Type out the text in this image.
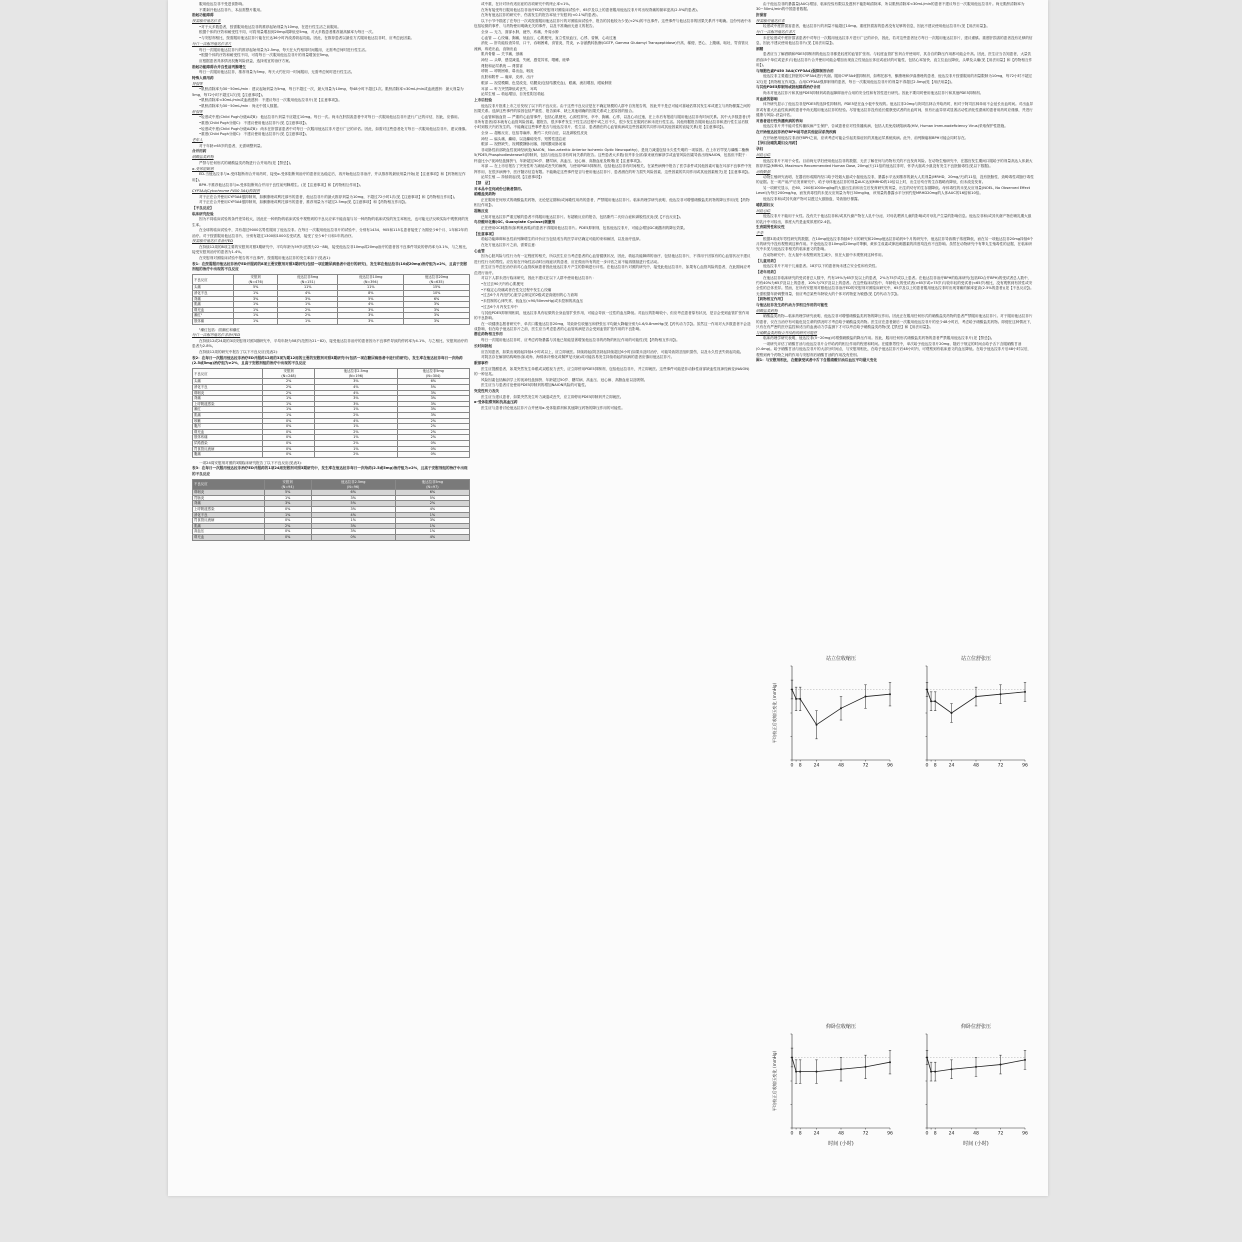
服用他达拉非不受进食影响。

不要剥开他达拉非片，本品需整片服用。

勃起功能障碍

按需服用他达拉非

•对于大多数患者，按需服用他达拉非的推荐起始剂量为10mg，在进行性生活之前服用。

根据个体的疗效和耐受性不同，可将剂量增加到20mg或降低至5mg，对大多数患者推荐最高频率为每日一次。

•与安慰剂相比，按需服用他达拉非片能在长达36小时内改善勃起功能。因此，在推荐患者以最佳方式服用他达拉非时，应考虑此因素。

每日一次服用他达拉非片

每日一次服用他达拉非片的推荐起始剂量为2.5mg，每天在大约相同时间服用，无需考虑何时进行性生活。

•根据个体的疗效和耐受性不同，可将每日一次服用他达拉非片的剂量增加至5mg。

应根据患者具体情况权衡风险获益，选择适宜的治疗方案。

勃起功能障碍合并良性前列腺增生

每日一次服用他达拉非，推荐剂量为5mg，每天大约在同一时间服用，无需考虑何时进行性生活。

特殊人群用药

肾损害

•肌酐清除率为30~50mL/min：建议起始剂量为5mg，每日不超过一次，最大剂量为10mg，每48小时不超过1次。肌酐清除率<30mL/min或血液透析：最大剂量为5mg，每72小时不超过1次(见【注意事项】)。

•肌酐清除率<30mL/min或血液透析：不建议每日一次服用他达拉非片(见【注意事项】)。

•肌酐清除率为30~50mL/min：尚无中国人数据。

肝损害

•轻度或中度(Child Pugh分级A或B)：他达拉非片剂量不应超过10mg。每日一次。尚未在肝损害患者中对每日一次服用他达拉非片进行广泛的评估，因此，应慎用。

•重度(Child Pugh分级C)：不建议使用他达拉非片(见【注意事项】)。

•轻度或中度(Child Pugh分级A或B)：尚未在肝损害患者中对每日一次服用他达拉非片进行广泛的评估。因此，如需对这些患者处方每日一次服用他达拉非片，建议谨慎。

•重度(Child Pugh分级C)：不建议使用他达拉非片(见【注意事项】)。

老年人

对于年龄>65岁的患者，无需调整剂量。

合并用药

硝酸盐类药物

严禁与任何形式的硝酸盐类药物进行合并用药(见【禁忌】)。

α-受体阻断剂

ED-当他达拉非与α-受体阻断剂合并用药时，接受α-受体阻断剂治疗的患者应达稳定后，再开始他达拉非治疗，并从推荐的最低剂量开始(见【注意事项】和【药物相互作用】)。

BPH-不推荐他达拉非与α-受体阻断剂合并用于良性前列腺增生。(见【注意事项】和【药物相互作用】)。

CYP3A4(Cytochrome P450 3A4)抑制剂

对于正在合并使用CYP3A4强抑制剂，如酮康唑或利托那韦的患者，他达拉非片的最大推荐剂量为10mg，不超过72小时1次(见【注意事项】和【药物相互作用】)。

对于正在合并使用CYP3A4强抑制剂，如酮康唑或利托那韦的患者，推荐剂量为不超过2.5mg(见【注意事项】和【药物相互作用】)。

【不良反应】

临床研究经验

因为不同临床试验的条件差异较大，因此在一种药物的临床试验中观察到的不良反应率不能直接与另一种药物的临床试验的发生率相比，也可能无法反映实际中观察到的发生率。

在全球的临床试验中，共有超过9000名男性服用了他达拉非。在每日一次服用他达拉非片的试验中，分别有1434、905和115名患者接受了为期至少6个月、1年和2年的治疗。对于按需服用他达拉非片，分别有超过1300和1000名受试者，接受了至少6个月和1年的治疗。

按需服用他达拉非治疗ED

在持续12周的8项主要的安慰剂对照3期研究中，平均年龄为59岁(范围为22~88)，接受他达拉非10mg或20mg治疗的患者因不良事件导致的停药率为3.1%，与之相比，接受安慰剂治疗的患者为1.4%。

在安慰剂对照临床试验中报告的不良事件，按需服用他达拉非的发生率如下(见表1)：

表1：在按需服用他达拉非治疗ED并服药的8项主要安慰剂对照3期研究(包括一项在糖尿病患者中进行的研究)，发生率在他达拉非(10或20mg)治疗组为≥2%，且高于安慰剂组的治疗中出现的不良反应

不良反应	安慰剂
(N=476)	他达拉非5mg
(N=151)	他达拉非10mg
(N=394)	他达拉非20mg
(N=635)
头痛	5%	11%	11%	15%
消化不良	1%	4%	8%	10%
背痛	3%	3%	5%	6%
肌痛	1%	1%	4%	3%
鼻充血	1%	2%	3%	3%
潮红¹	1%	2%	3%	3%
肢体痛	1%	1%	3%	3%

¹潮红包括：面潮红和潮红

每日一次服用他达拉非治疗ED

在持续12或24周的3项安慰剂对照3期研究中，平均年龄为58岁(范围为21~82)，接受他达拉非治疗的患者因为不良事件导致的停药率为4.1%，与之相比，安慰剂治疗的患者为2.8%。

在持续12周的研究中报告了以下不良反应(见表2)：

表2：在每日一次服用他达拉非治疗ED并服药12周的3项为期12周的主要的安慰剂对照3期研究中(包括一项在糖尿病患者中进行的研究)，发生率在他达拉非每日一次给药(2.5或5mg)治疗组为≥2%，且高于安慰剂组的治疗中出现的不良反应

不良反应	安慰剂
(N=248)	他达拉非2.5mg
(N=196)	他达拉非5mg
(N=304)
头痛	2%	3%	6%
消化不良	2%	4%	5%
鼻咽炎	2%	4%	3%
背痛	1%	3%	3%
上呼吸道感染	1%	3%	3%
潮红	1%	1%	3%
肌痛	1%	2%	3%
咳嗽	0%	4%	2%
腹泻	0%	1%	2%
鼻充血	0%	2%	2%
肢体疼痛	0%	1%	2%
尿路感染	0%	2%	0%
胃食管反流病	0%	1%	0%
腹痛	0%	2%	0%

一项24周安慰剂对照的3期临床研究报告了以下不良反应(见表3)：

表3：在每日一次服用他达拉非治疗ED并服药的1项24周安慰剂对照3期研究中，发生率在他达拉非每日一次给药(2.5或5mg)治疗组为≥2%，且高于安慰剂组的治疗中出现的不良反应

不良反应	安慰剂
(N=94)	他达拉非2.5mg
(N=96)	他达拉非5mg
(N=97)
鼻咽炎	5%	6%	6%
胃肠炎	1%	3%	5%
背痛	3%	5%	2%
上呼吸道感染	0%	3%	4%
消化不良	1%	4%	1%
胃食管反流病	0%	1%	3%
肌痛	2%	3%	1%
高血压	0%	3%	1%
鼻充血	0%	0%	4%

或中重，在针对所有适应症的各项研究中的终止率<1%。

在所有接受每日服用他达拉非治疗ED的安慰剂对照临床试验中，65岁及以上的患者服用他达拉非片时出现背痛的频率更高(2.5%的患者)。

在所有他达拉非的研究中，伤害发生的报告率低于安慰剂(<0.1%的患者)。

以下小节中描述了在每日一次或按需服用他达拉非片的对照临床试验中，报告的其他较为少见(<2%)的不良事件。这些事件与他达拉非的因果关系并不明确。这份列表中未包括轻微的事件、与药物使用明确无关的事件，以及不准确而无意义的报告。

全身 — 无力，面部水肿，疲劳，疼痛，外周水肿

心血管 — 心绞痛，胸痛，低血压，心肌梗死，直立性低血压，心悸，昏厥，心动过速

消化 — 肝功能检查异常，口干，吞咽困难，食管炎，胃炎，γ-谷氨酰转肽酶(GGTP, Gamma Glutamyl Transpeptidase)升高，稀便，恶心，上腹痛，呕吐，胃食管反流病，痔疮出血，直肠出血

肌肉骨骼 — 关节痛，颈痛

神经 — 头晕，感觉减退，失眠，感觉异常，嗜睡，眩晕

肾脏和泌尿系统 — 肾损害

呼吸 — 呼吸困难，鼻出血，咽炎

皮肤和附件 — 瘙痒，皮疹，出汗

眼部 — 视觉模糊，色觉改变，结膜炎(包括结膜充血)，眼痛，流泪增加，眼睑肿胀

耳部 — 听力突然降低或丧失，耳鸣

泌尿生殖 — 勃起增加，自发性阴茎勃起

上市后经验

他达拉非片批准上市之后发现了以下的不良反应。由于这些不良反应是在不确定规模的人群中自发报告的，因此并不是总可能可靠地估算其发生率或建立与药物暴露之间的因果关系。选择这些事件的原因包括严重性、报告频率、缺乏其他明确的因果关系或上述原因的组合。

心血管和脑血管 — 严重的心血管事件，包括心肌梗死、心源性猝死、卒中、胸痛、心悸，以及心动过速，在上市后有报道与服用他达拉非有时间关系。其中大多数患者(并非所有患者)原本就有心血管风险因素。据报告，很多事件发生于性生活过程中或之后不久，很少发生在服药后和未进行性生活。其他则据报告服用他达拉非和进行性生活后数小时到数天内后发生的。不能确定这些事件是否与他达拉非片、性生活、患者潜在的心血管疾病或这些因素的共同作用或其他因素的直接关系(见【注意事项】)。

全身 — 超敏反应，包括荨麻疹、斯约二氏综合征，以及剥脱性皮炎

神经 — 偏头痛，癫痫，以及癫痫发作，短暂性遗忘症

眼部 — 视野缺失，视网膜静脉闭塞，视网膜动脉闭塞

非动脉性前部缺血性视神经病变(NAION，Non-arteritic Anterior Ischemic Optic Neuropathy)，是视力减退包括永久性失明的一项原因。在上市后罕见与磷酸二酯酶5(PDE5,Phosphodiesterase5)抑制剂，包括与他达拉非有时间关系的报告。这些患者大多数(但并非全部)原来就有解剖学或血管风险因素导致出现NAION，包括但不限于：杯盘比小("视神经盘拥挤")、年龄超过50岁、糖尿病、高血压、冠心病、高脂血症及吸烟(见【注意事项】)。

耳部 — 在上市后报告了突发性听力减低或丧失的病例，与使用PDE5抑制剂，包括他达拉非有时间相关。在某些病例中报告了医学条件或其他因素可能在耳部不良事件中发挥作用，在很多病例中，医疗随访信息有限。不能确定这些事件是否与使用他达拉非片、患者潜在的听力损失风险因素、这些因素的共同作用或其他因素相关(见【注意事项】)。

泌尿生殖 — 持续勃起(见【注意事项】)

【禁　忌】

对本品中任何成份过敏者禁用。

硝酸盐类药物

正在服用任何形式的硝酸盐类药物，无论是定期和/或间歇性用药的患者，严禁服用他达拉非片。临床药理学研究表明，他达拉非可增强硝酸盐类药物的降压作用(见【药物相互作用】)。

超敏反应

已知对他达拉非严重过敏的患者不得服用他达拉非片。有超敏反应的报告，包括斯约二氏综合症和剥脱性皮炎(见【不良反应】)。

鸟苷酸环化酶(GC, Guanylate Cyclase)刺激剂

正在使用GC刺激剂(如利奥西呱)的患者不得服用他达拉非片。PDE5抑制剂，包括他达拉非片，可能会增加GC刺激剂的降压效果。

【注意事项】

勃起功能障碍和良性前列腺增生的评价应当包括适当的医学评估确定可能的来和病因，以及治疗选择。

在处方他达拉非片之前，需要注意：

心血管

因为心脏风险与性行为有一定程度的相关，所以医生应当考虑患者的心血管健康状况，因此，勃起功能障碍的治疗，包括他达拉非片，不得用于因原有的心血管状况不建议进行性行为的男性。应告知在开始性活动时出现症状的患者，应在做出所有的进一步评估之前不能再继续进行性活动。

医生应当考虑在治疗前对心血管疾病患者因此他达拉非片产生的影响进行评估。在他达拉非片对照的研究中，接受此他达拉非片，如果有心血管风险的患者，在此期间应考虑进行治疗。

对以下人群未进行临床研究，因此不建议在以下人群中使用他达拉非片：

•在过去90天内有心肌梗死

•不稳定心绞痛或者在性交过程中发生心绞痛

•过去6个月内纽约心脏学会制定的2级或更高级别的心力衰竭

•未控制的心律失常、低血压(<90/50mmHg)或未控制的高血压

•过去6个月内发生卒中

与其他PDE5抑制剂相同，他达拉非具有轻微的全身血管扩张作用，可能会导致一过性的血压降低。对血压的影响较小，但应考虑患者原有状况，是否会受到血管扩张作用的不良影响。

在一项健康志愿者研究中，单次口服他达拉非20mg，导致卧位收缩压和舒张压平均最大降幅分别为1.6/0.8mmHg(见【药代动力学】)。虽然这一作用对大多数患者不会造成影响，但在给予他达拉非片之前，医生应当考虑患者的心血管疾病是否会受到血管扩张作用的不良影响。

潜在药物相互作用

每日一次服用他达拉非时，应考虑药物暴露与其他已知能显著增加他达拉非的药物的相互作用的可能性(见【药物相互作用】)。

长时间勃起

应告知患者，如果出现勃起持续4小时或以上，应立即就医。持续勃起(阴茎勃起持续超过6小时)如果未及时治疗，可能导致阴茎组织损伤，以及永久性丧失勃起功能。

对阴茎存在解剖结构畸形(如成角、海绵体纤维化或佩罗尼氏病)或可能容易发生持续勃起的疾病的患者应慎用他达拉非片。

眼部事件

医生应提醒患者，如果突然发生单眼或双眼视力丧失，应立即停用PDE5抑制剂，包括他达拉非片，并立即就医。这些事件可能是非动脉性前部缺血性视神经病变(NAION)的一种征兆。

风险因素包括解剖学上的视神经盘拥挤、年龄超过50岁、糖尿病、高血压、冠心病、高脂血症以及吸烟。

医生应当与患者讨论使用PDE5抑制剂的增加NAION风险的可能性。

突发性听力丧失

医生应当建议患者，如果突然发生听力减退或丧失，应立即停用PDE5抑制剂并立即就医。

α-受体阻滞剂和抗高血压药

医生应与患者讨论他达拉非片合并使用α-受体阻滞剂和其他降压药物的降压作用的可能性。

由于他达拉非的暴露量(AUC)增加、临床经验有限以及透析不能影响清除率，所以肌酐清除率<30mL/min的患者不建议每日一次服用他达拉非片。尚无肌酐清除率为30~50mL/min的中国患者数据。

肝损害

按需服用他达拉非

轻度或中度肝损害患者，他达拉非片的剂量不能超过10mg。重度肝损害的患者没有足够的信息，因此不建议使用他达拉非片(见【用法用量】)。

每日一次服用他达拉非片

未在轻度或中度肝损害患者中对每日一次服用他达拉非片进行广泛的评价，因此，若对这些患者处方每日一次服用他达拉非片，建议谨慎。重度肝损害的患者没有足够的信息，因此不建议使用他达拉非片(见【用法用量】)。

酒精

患者应当了解酒精和PDE5抑制剂的他达拉非都是轻度的血管扩张剂。与轻度血管扩张剂合并使用时，其各自的降压作用都可能会升高。因此，医生应当告知患者，大量饮酒(如5个单位或更多)与他达拉非片合并使用可能会增加出现直立性低血压体征或症状的可能性，包括心率加快，直立位血压降低，头晕及头痛(见【用法用量】和【药物相互作用】)。

与细胞色素P450 3A4(CYP3A4)强抑制剂合用

他达拉非主要通过肝脏的CYP3A4进行代谢。服用CYP3A4强抑制剂，如利托那韦，酮康唑和伊曲康唑的患者，他达拉非片按需服用的剂量限制为10mg，每72小时不超过1次(见【药物相互作用】)。合用CYP3A4强抑制剂的患者，每日一次服用他达拉非片的剂量不得超过2.5mg(见【用法用量】)。

与其他PDE5抑制剂或勃起障碍治疗合用

尚未对他达拉非片和其他PDE5抑制剂或勃起障碍治疗合用的安全性和有效性进行研究。因此不要同时使用他达拉非片和其他PDE5抑制剂。

对血液的影响

体外研究显示了他达拉非是PDE5的选择性抑制剂。PDE5是在血小板中发现的。他达拉非20mg与阿司匹林合并给药时，相对于阿司匹林单用不会延长出血时间。对出血异常或有重大出血性疾病的患者中尚无服用他达拉非的经验。尽管他达拉非没有延长健康受试者的出血时间，但有出血异常或显著活动性消化性溃疡的患者用药时应谨慎，并进行健康与风险–获益评估。

对患者进行性传播疾病的咨询

他达拉非片并不能对性传播疾病产生保护，告诫患者应对性传播疾病，包括人类免疫缺陷病毒(HIV, Human Immunodeficiency Virus)采取保护性措施。

在开始他达拉非治疗BPH前考虑其他泌尿系统疾病

在开始使用他达拉非治疗BPH之前，应该考虑可能会引起类似症状的其他泌尿系统疾病。此外，前列腺癌和BPH可能会同时存在。

【孕妇及哺乳期妇女用药】

孕妇

风险总结

他达拉非片不用于女性。目前尚无孕妇使用他达拉非的数据，无法了解任何与药物有关的不良发育风险。在动物生殖研究中，在器官发生期间口服给予的剂量高达人体最大推荐剂量(MRHD, Maximum Recommended Human Dose, 20mg/天)11倍的他达拉非时，怀孕大鼠或小鼠没有发生不良胚胎毒性(见以下数据)。

动物数据

动物生殖研究表明，在器官形成期内经口给予妊娠大鼠或小鼠他达拉非，暴露水平达到推荐的最大人类剂量(MRHD，20mg/天)的11倍，没有胚胎性、致畸毒性或胎仔毒性的证据。在一项产前/产后发育研究中，给予母体他达拉非的剂量AUC达到MRHD的10倍以上时，出生后幼仔的生存数略有降低，但未改变发育。

另一项研究显示，在60、200和1000mg/kg的大鼠出生前和出生后发育研究的剂量，出生的幼仔的生存期降低。母体毒性的未见反应剂量(NOEL, No Observed Effect Level)为每日200mg/kg，而发育毒性的未见反应剂量为每日30mg/kg，该剂量的暴露水平分别约是MRHD20mg的人体AUC的16倍和10倍。

他达拉非和/或其代谢产物可以透过大鼠胎盘，导致胎仔暴露。

哺乳期妇女

风险总结

他达拉非片不能用于女性。没有关于他达拉非和/或其代谢产物在人乳中分泌、对母乳喂养儿童的影响或对母乳产生量的影响信息。他达拉非和/或其代谢产物在哺乳期大鼠的乳汁中可检出，浓度大约是血浆浓度的2.4倍。

生育期男性和女性

不孕

根据3项成年男性研究的数据，在10mg他达拉非持续6个月的研究和20mg他达拉非给药9个月的研究中，他达拉非导致精子浓度降低，而在另一项他达拉非20mg持续6个月的研究中没有观察到这种作用。不论他达拉非10mg或20mg对睾酮、黄体生成素或卵泡刺激素的浓度均没有不良影响。虽然在动物研究中有睾丸生殖毒性的证据，在临床研究中未见与他达拉非相关的临床意义的影响。

在动物研究中，在大鼠中未观察到发生减少，但在大鼠中未观察到这种作用。

【儿童用药】

他达拉非片不用于儿童患者。18岁以下的患者尚未建立安全性和有效性。

【老年用药】

在他达拉非临床研究的受试者总人数中，约有19%为65岁及以上的患者，2%为75岁或以上患者。在他达拉非治疗BPH的临床研究(包括ED合并BPH)的受试者总人数中，约有40%为65岁及以上的患者，10%为75岁及以上的患者。在这些临床试验中，年龄较大的受试者(>65岁或>75岁)与较年轻的受试者(<65岁)相比，没有观察到有效性或安全性的总体差异。然而，在所有安慰剂对照他达拉非治疗ED的安慰剂对照临床研究中，65岁及以上的患者服用他达拉非时出现背痛的频率更高(2.5%的患者)(见【不良反应】)。无需根据年龄调整剂量，但应考虑某些年龄较大的个体对药物更为敏感(见【药代动力学】)。

【药物相互作用】

与他达拉非发生药代动力学相互作用的可能性

硝酸盐类药物

硝酸盐类药物—临床药理学研究表明，他达拉非可增强硝酸盐类药物的降压作用。因此正在服用任何形式的硝酸盐类药物的患者严禁服用他达拉非片。对于服用他达拉非片的患者，仅在当治疗有可能危及生命的情况时才考虑给予硝酸盐类药物。医生应在患者最后一次服用他达拉非片的至少48小时后，考虑给予硝酸盐类药物。即便在这种情况下，只有在有严密的医疗监控和适当的血流动力学监测下才可以考虑给予硝酸盐类药物(见【禁忌】和【用法用量】)。

与硝酸盐类药物合并给药的研究可能性

临床药理学研究表明，他达拉非(5~20mg)可增强硝酸盐的降压作用。因此，服用任何形式硝酸盐类药物的患者严禁服用他达拉非片(见【禁忌】)。

一项研究评估了硝酸甘油与他达拉非片合并给药的相互作用的程度和时间。在健康男性中，单次给予他达拉非片20mg，随后于规定的时间点给予舌下含服硝酸甘油(0.4mg)。给予硝酸甘油与他达拉非片的大部分时间点，与安慰剂相比，在给予他达拉非片后48小时内，可观察到有临床意义的血压降低。在给予他达拉非片后48小时以后，观察到两个药物之间的作用与安慰剂后硝酸甘油的作用没有差别。

图1：与安慰剂相比，在健康受试者中舌下含服硝酸甘油后血压平均最大变化

站立位收缩压
0 8	24	48	72	96
平均校正后收缩压变化 (mmHg)
站立位舒张压
0 8	24	48	72	96
仰卧位收缩压
0 8	24	48	72	96
时间 (小时)
平均校正后收缩压变化 (mmHg)
仰卧位舒张压
0 8	24	48	72	96
时间 (小时)
